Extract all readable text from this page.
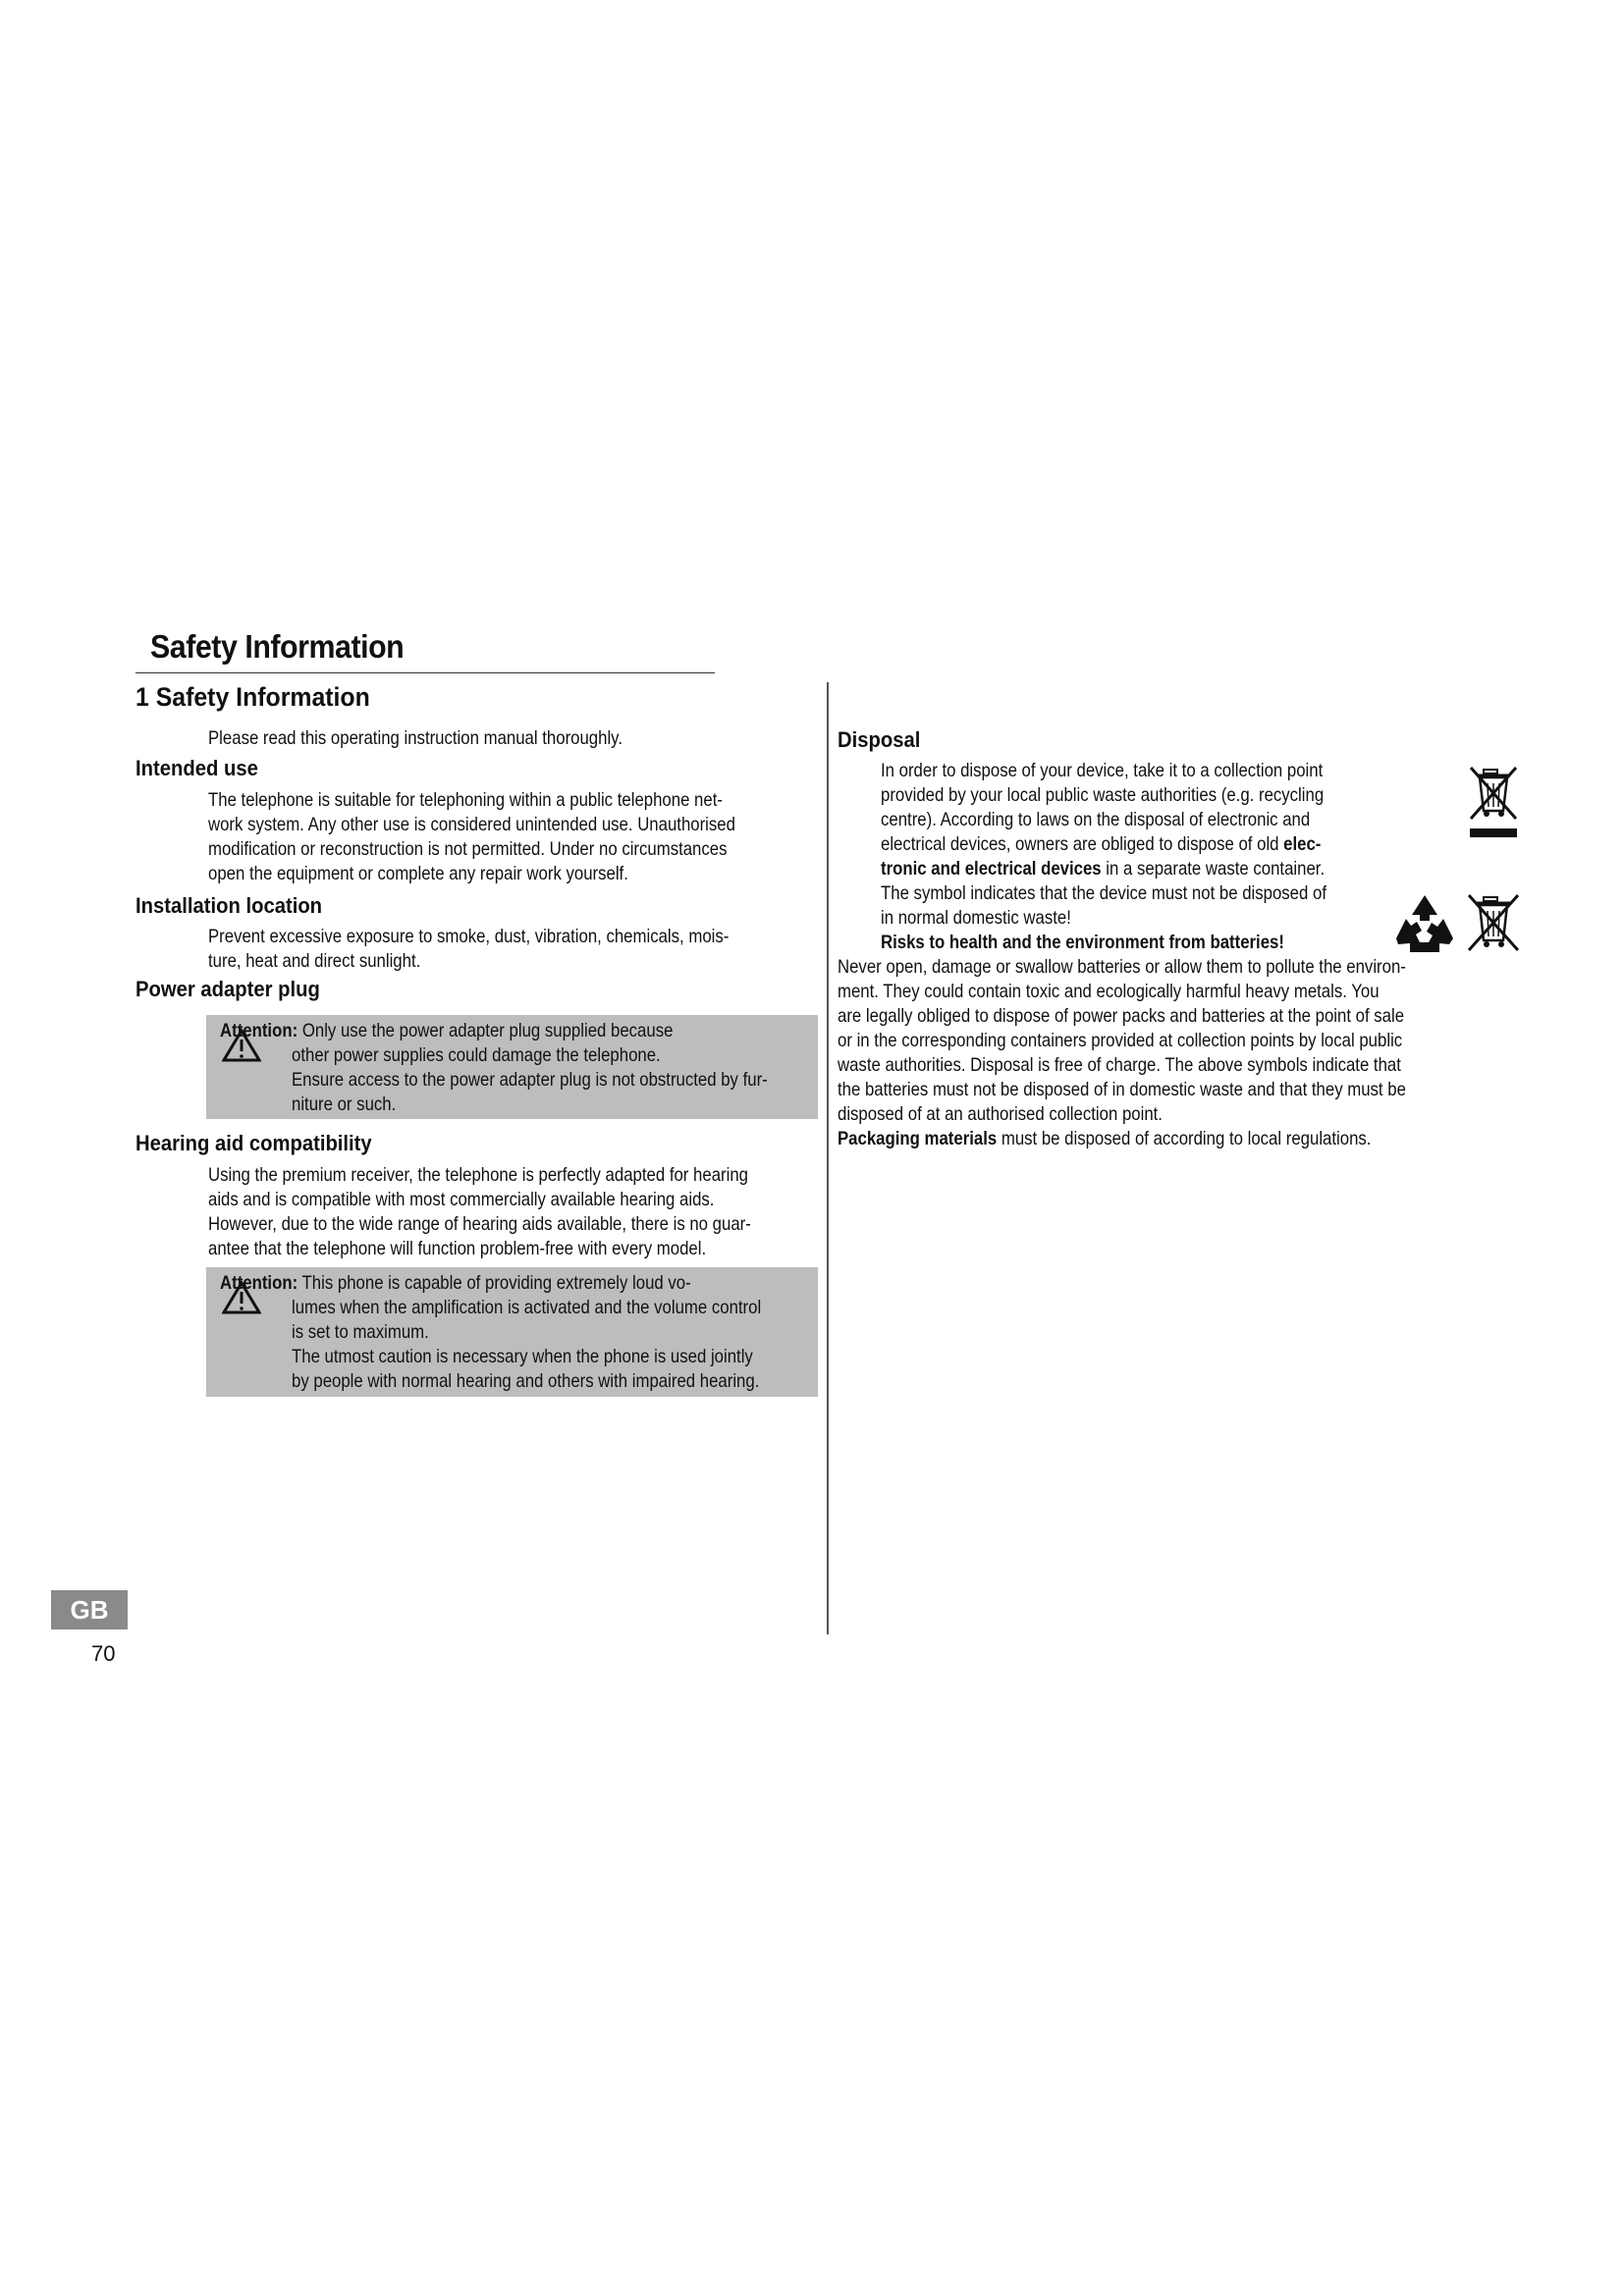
Safety Information
1 Safety Information
Please read this operating instruction manual thoroughly.
Intended use
The telephone is suitable for telephoning within a public telephone net-
work system. Any other use is considered unintended use. Unauthorised
modification or reconstruction is not permitted. Under no circumstances
open the equipment or complete any repair work yourself.
Installation location
Prevent excessive exposure to smoke, dust, vibration, chemicals, mois-
ture, heat and direct sunlight.
Power adapter plug
Attention: Only use the power adapter plug supplied because
other power supplies could damage the telephone.
Ensure access to the power adapter plug is not obstructed by fur-
niture or such.
Hearing aid compatibility
Using the premium receiver, the telephone is perfectly adapted for hearing
aids and is compatible with most commercially available hearing aids.
However, due to the wide range of hearing aids available, there is no guar-
antee that the telephone will function problem-free with every model.
Attention: This phone is capable of providing extremely loud vo-
lumes when the amplification is activated and the volume control
is set to maximum.
The utmost caution is necessary when the phone is used jointly
by people with normal hearing and others with impaired hearing.
Disposal
In order to dispose of your device, take it to a collection point
provided by your local public waste authorities (e.g. recycling
centre). According to laws on the disposal of electronic and
electrical devices, owners are obliged to dispose of old elec-
tronic and electrical devices in a separate waste container.
The symbol indicates that the device must not be disposed of
in normal domestic waste!
Risks to health and the environment from batteries!
Never open, damage or swallow batteries or allow them to pollute the environ-
ment. They could contain toxic and ecologically harmful heavy metals. You
are legally obliged to dispose of power packs and batteries at the point of sale
or in the corresponding containers provided at collection points by local public
waste authorities. Disposal is free of charge. The above symbols indicate that
the batteries must not be disposed of in domestic waste and that they must be
disposed of at an authorised collection point.
Packaging materials must be disposed of according to local regulations.
GB
70
